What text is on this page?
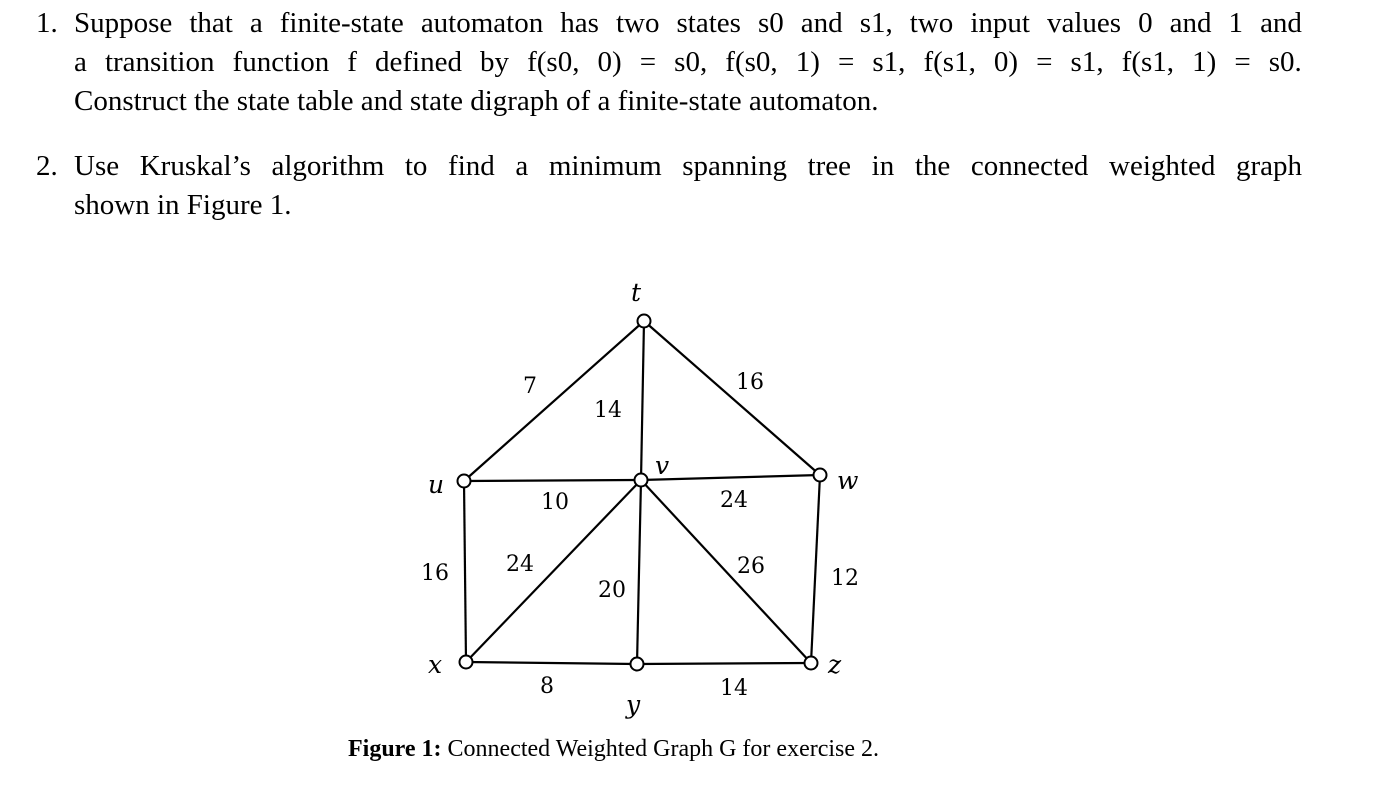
1. Suppose that a finite-state automaton has two states s0 and s1, two input values 0 and 1 and
a transition function f defined by f(s0, 0) = s0, f(s0, 1) = s1, f(s1, 0) = s1, f(s1, 1) = s0.
Construct the state table and state digraph of a finite-state automaton.
2. Use Kruskal’s algorithm to find a minimum spanning tree in the connected weighted graph
shown in Figure 1.
7
14
16
10	24
16	24
20
26	12
8	14
t
u
v
w
x
y
z
Figure 1: Connected Weighted Graph G for exercise 2.
